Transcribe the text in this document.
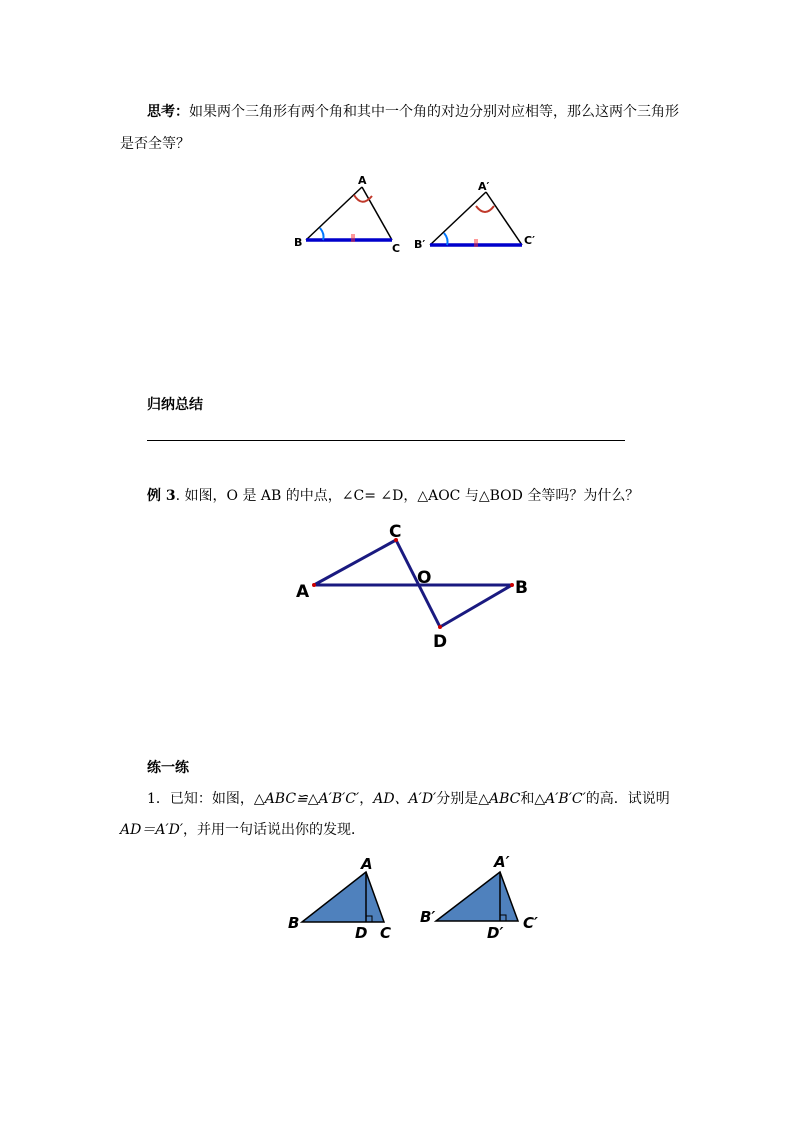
思考：如果两个三角形有两个角和其中一个角的对边分别对应相等，那么这两个三角形
是否全等？
A
B	C
A′
B′	C′
归纳总结
例 3. 如图，O 是 AB 的中点，∠C= ∠D，△AOC 与△BOD 全等吗？为什么？
A
C
O	B
D
练一练
1．已知：如图，△ABC≌△A′B′C′，AD、A′D′分别是△ABC和△A′B′C′的高．试说明
AD＝A′D′，并用一句话说出你的发现．
A
B
D C
A′
B′
D′
C′
